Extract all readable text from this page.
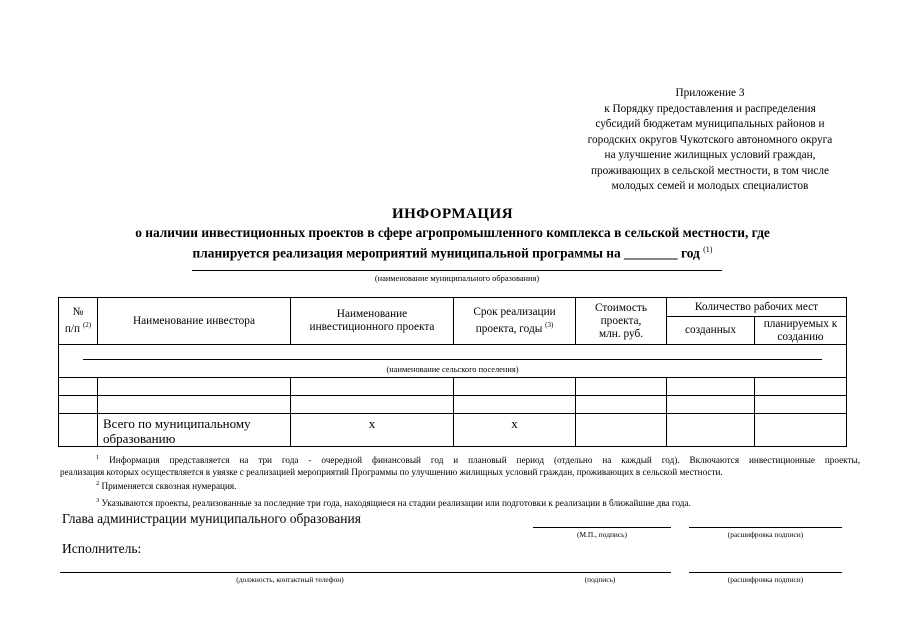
Приложение 3
к Порядку предоставления и распределения
субсидий бюджетам муниципальных районов и
городских округов Чукотского автономного округа
на улучшение жилищных условий граждан,
проживающих в сельской местности, в том числе
молодых семей и молодых специалистов
ИНФОРМАЦИЯ
о наличии инвестиционных проектов в сфере агропромышленного комплекса в сельской местности, где
планируется реализация мероприятий муниципальной программы на ________ год $^{(1)}$
(наименование муниципального образования)
№
п/п $^{(2)}$	Наименование инвестора	Наименование инвестиционного проекта	Срок реализации проекта, годы $^{(3)}$	Стоимость проекта, млн. руб.	Количество рабочих мест	
					созданных	планируемых к созданию

(наименование сельского поселения)						

	Всего по муниципальному образованию	х	х			
$^1$ Информация представляется на три года - очередной финансовый год и плановый период (отдельно на каждый год). Включаются инвестиционные проекты,
реализация которых осуществляется в увязке с реализацией мероприятий Программы по улучшению жилищных условий граждан, проживающих в сельской местности.
$^2$ Применяется сквозная нумерация.
$^3$ Указываются проекты, реализованные за последние три года, находящиеся на стадии реализации или подготовки к реализации в ближайшие два года.
Глава администрации муниципального образования
(М.П., подпись)	(расшифровка подписи)
Исполнитель:
(должность, контактный телефон)	(подпись)	(расшифровка подписи)
